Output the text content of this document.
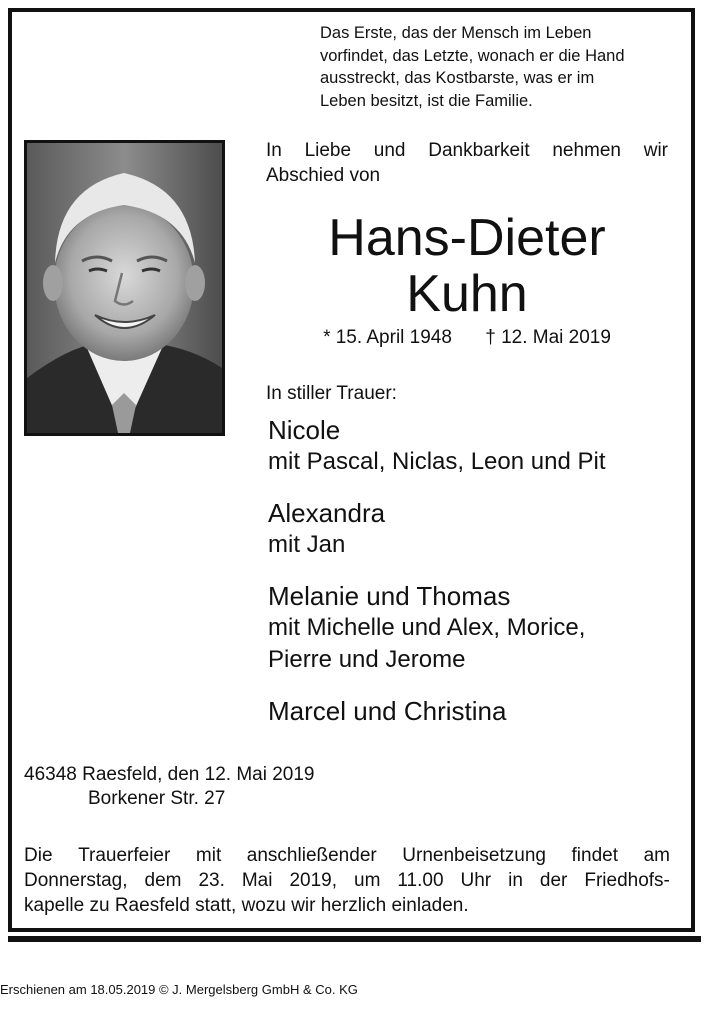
Das Erste, das der Mensch im Leben
vorfindet, das Letzte, wonach er die Hand
ausstreckt, das Kostbarste, was er im
Leben besitzt, ist die Familie.
In Liebe und Dankbarkeit nehmen wir
Abschied von
Hans-Dieter
Kuhn
* 15. April 1948 † 12. Mai 2019
In stiller Trauer:
Nicole
mit Pascal, Niclas, Leon und Pit
Alexandra
mit Jan
Melanie und Thomas
mit Michelle und Alex, Morice,
Pierre und Jerome
Marcel und Christina
46348 Raesfeld, den 12. Mai 2019
Borkener Str. 27
Die Trauerfeier mit anschließender Urnenbeisetzung findet am
Donnerstag, dem 23. Mai 2019, um 11.00 Uhr in der Friedhofs-
kapelle zu Raesfeld statt, wozu wir herzlich einladen.
Erschienen am 18.05.2019 © J. Mergelsberg GmbH & Co. KG
